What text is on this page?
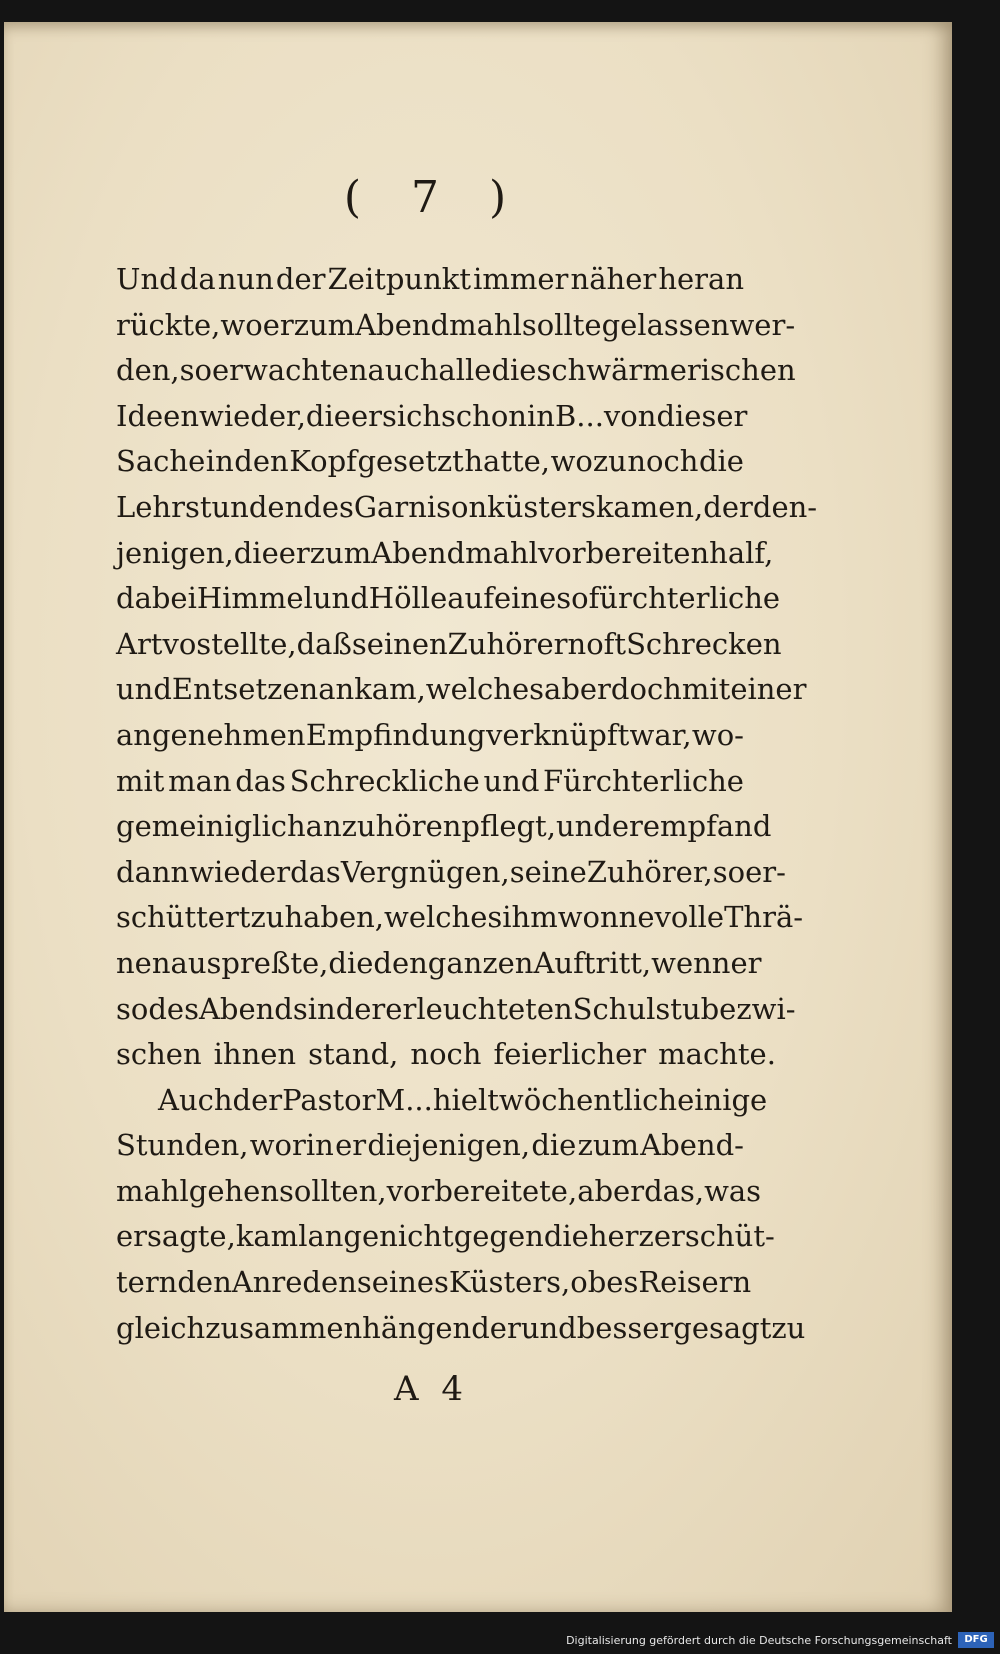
( 7 )
Und da nun der Zeitpunkt immer näher heran
rückte, wo er zum Abendmahl sollte gelassen wer-
den, so erwachten auch alle die schwärmerischen
Ideen wieder, die er sich schon in B... von dieser
Sache in den Kopf gesetzt hatte, wozu noch die
Lehrstunden des Garnisonküsters kamen, der den-
jenigen, die er zum Abendmahl vorbereiten half,
dabei Himmel und Hölle auf eine so fürchterliche
Art vostellte, daß seinen Zuhörern oft Schrecken
und Entsetzen ankam, welches aber doch mit einer
angenehmen Empfindung verknüpft war, wo-
mit man das Schreckliche und Fürchterliche
gemeiniglich anzuhören pflegt, und er empfand
dann wieder das Vergnügen, seine Zuhörer, so er-
schüttert zu haben, welches ihm wonnevolle Thrä-
nen auspreßte, die den ganzen Auftritt, wenn er
so des Abends in der erleuchteten Schulstube zwi-
schen ihnen stand, noch feierlicher machte.
Auch der Pastor M... hielt wöchentlich einige
Stunden, worin er diejenigen, die zum Abend-
mahl gehen sollten, vorbereitete, aber das, was
er sagte, kam lange nicht gegen die herzerschüt-
ternden Anreden seines Küsters, ob es Reisern
gleich zusammenhängender und besser gesagt zu
A 4
Digitalisierung gefördert durch die Deutsche Forschungsgemeinschaft	DFG
